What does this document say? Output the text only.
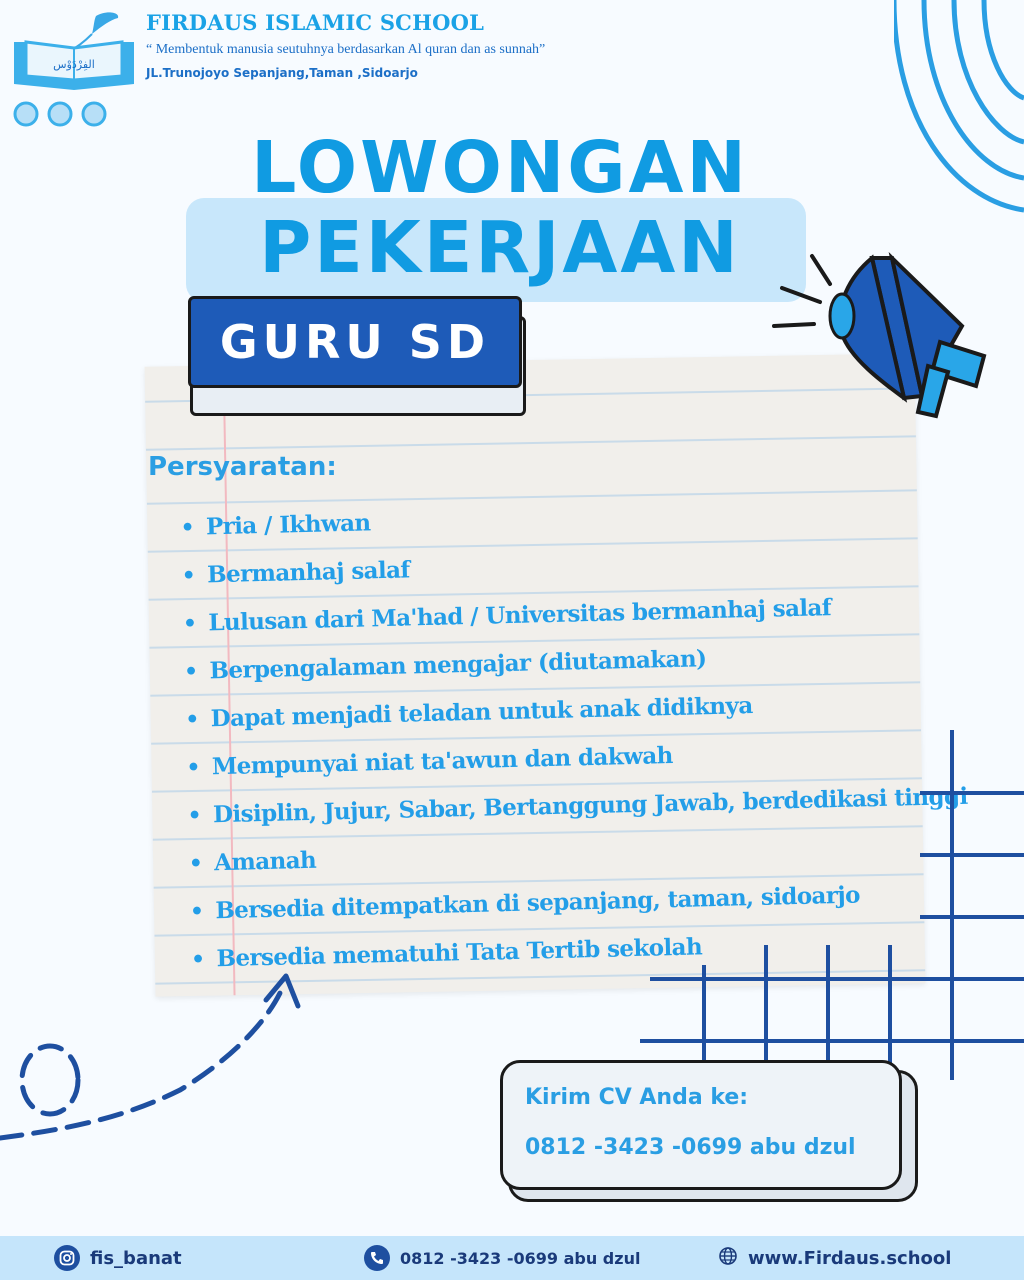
الفِرْدَوْس
FIRDAUS ISLAMIC SCHOOL
“ Membentuk manusia seutuhnya berdasarkan Al quran dan as sunnah”
JL.Trunojoyo Sepanjang,Taman ,Sidoarjo
LOWONGAN
PEKERJAAN
GURU SD
Persyaratan:
• Pria / Ikhwan
• Bermanhaj salaf
• Lulusan dari Ma'had / Universitas bermanhaj salaf
• Berpengalaman mengajar (diutamakan)
• Dapat menjadi teladan untuk anak didiknya
• Mempunyai niat ta'awun dan dakwah
• Disiplin, Jujur, Sabar, Bertanggung Jawab, berdedikasi tinggi
• Amanah
• Bersedia ditempatkan di sepanjang, taman, sidoarjo
• Bersedia mematuhi Tata Tertib sekolah
Kirim CV Anda ke:
0812 -3423 -0699 abu dzul
fis_banat	0812 -3423 -0699 abu dzul	www.Firdaus.school
